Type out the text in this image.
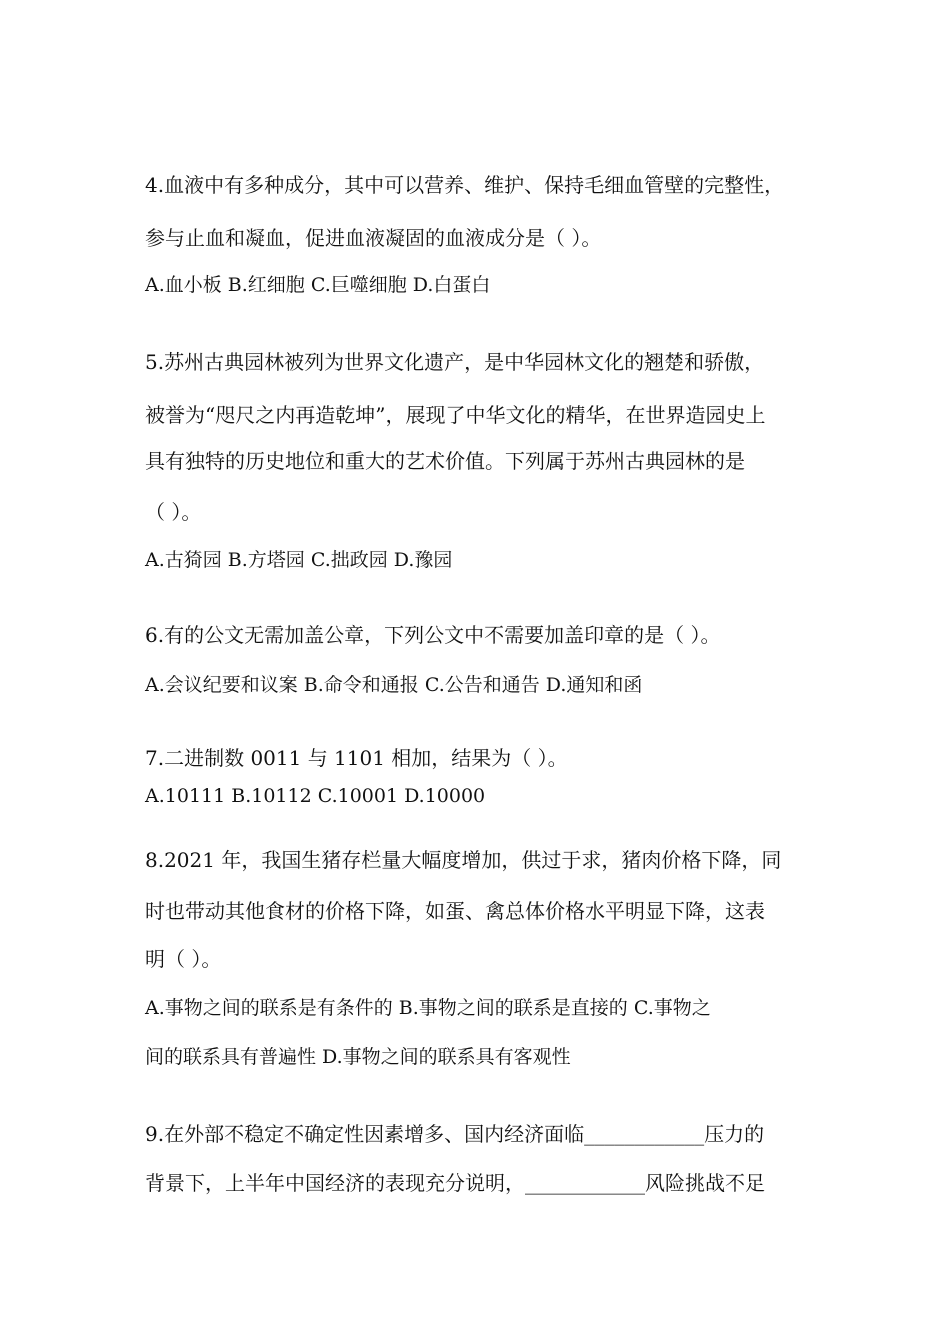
4.血液中有多种成分，其中可以营养、维护、保持毛细血管壁的完整性，

参与止血和凝血，促进血液凝固的血液成分是（ ）。

A.血小板 B.红细胞 C.巨噬细胞 D.白蛋白

5.苏州古典园林被列为世界文化遗产，是中华园林文化的翘楚和骄傲，

被誉为“咫尺之内再造乾坤”，展现了中华文化的精华，在世界造园史上

具有独特的历史地位和重大的艺术价值。下列属于苏州古典园林的是

（ ）。

A.古猗园 B.方塔园 C.拙政园 D.豫园

6.有的公文无需加盖公章，下列公文中不需要加盖印章的是（ ）。

A.会议纪要和议案 B.命令和通报 C.公告和通告 D.通知和函

7.二进制数 0011 与 1101 相加，结果为（ ）。

A.10111 B.10112 C.10001 D.10000

8.2021 年，我国生猪存栏量大幅度增加，供过于求，猪肉价格下降，同

时也带动其他食材的价格下降，如蛋、禽总体价格水平明显下降，这表

明（ ）。

A.事物之间的联系是有条件的 B.事物之间的联系是直接的 C.事物之

间的联系具有普遍性 D.事物之间的联系具有客观性

9.在外部不稳定不确定性因素增多、国内经济面临____________压力的

背景下，上半年中国经济的表现充分说明，____________风险挑战不足
